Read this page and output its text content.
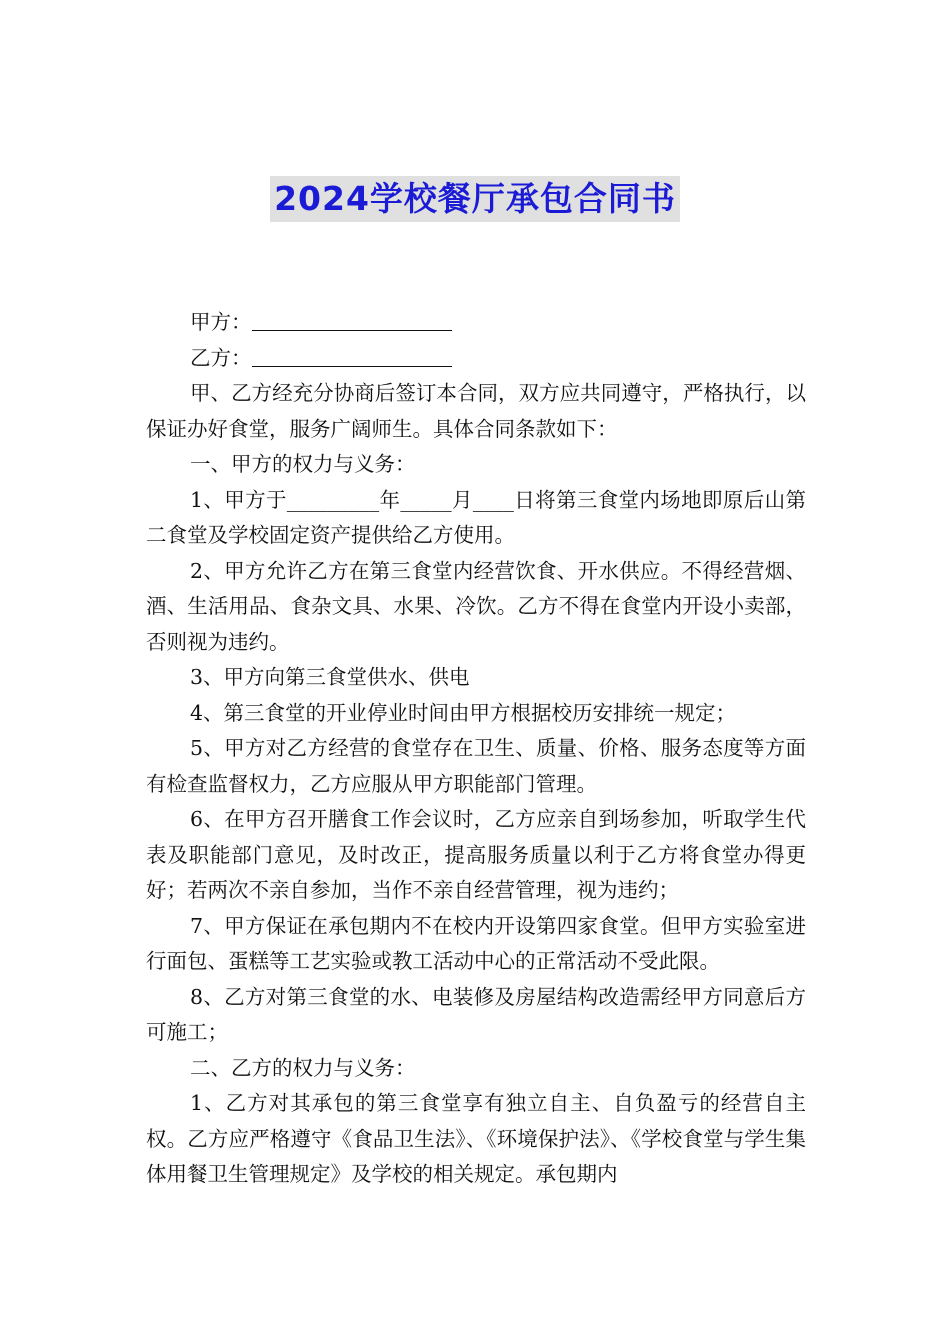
2024学校餐厅承包合同书

甲方：

乙方：

甲、乙方经充分协商后签订本合同，双方应共同遵守，严格执行，以保证办好食堂，服务广阔师生。具体合同条款如下：

一、甲方的权力与义务：

1、甲方于_________年_____月____日将第三食堂内场地即原后山第二食堂及学校固定资产提供给乙方使用。

2、甲方允许乙方在第三食堂内经营饮食、开水供应。不得经营烟、酒、生活用品、食杂文具、水果、冷饮。乙方不得在食堂内开设小卖部，否则视为违约。

3、甲方向第三食堂供水、供电

4、第三食堂的开业停业时间由甲方根据校历安排统一规定；

5、甲方对乙方经营的食堂存在卫生、质量、价格、服务态度等方面有检查监督权力，乙方应服从甲方职能部门管理。

6、在甲方召开膳食工作会议时，乙方应亲自到场参加，听取学生代表及职能部门意见，及时改正，提高服务质量以利于乙方将食堂办得更好；若两次不亲自参加，当作不亲自经营管理，视为违约；

7、甲方保证在承包期内不在校内开设第四家食堂。但甲方实验室进行面包、蛋糕等工艺实验或教工活动中心的正常活动不受此限。

8、乙方对第三食堂的水、电装修及房屋结构改造需经甲方同意后方可施工；

二、乙方的权力与义务：

1、乙方对其承包的第三食堂享有独立自主、自负盈亏的经营自主权。乙方应严格遵守《食品卫生法》、《环境保护法》、《学校食堂与学生集体用餐卫生管理规定》及学校的相关规定。承包期内
